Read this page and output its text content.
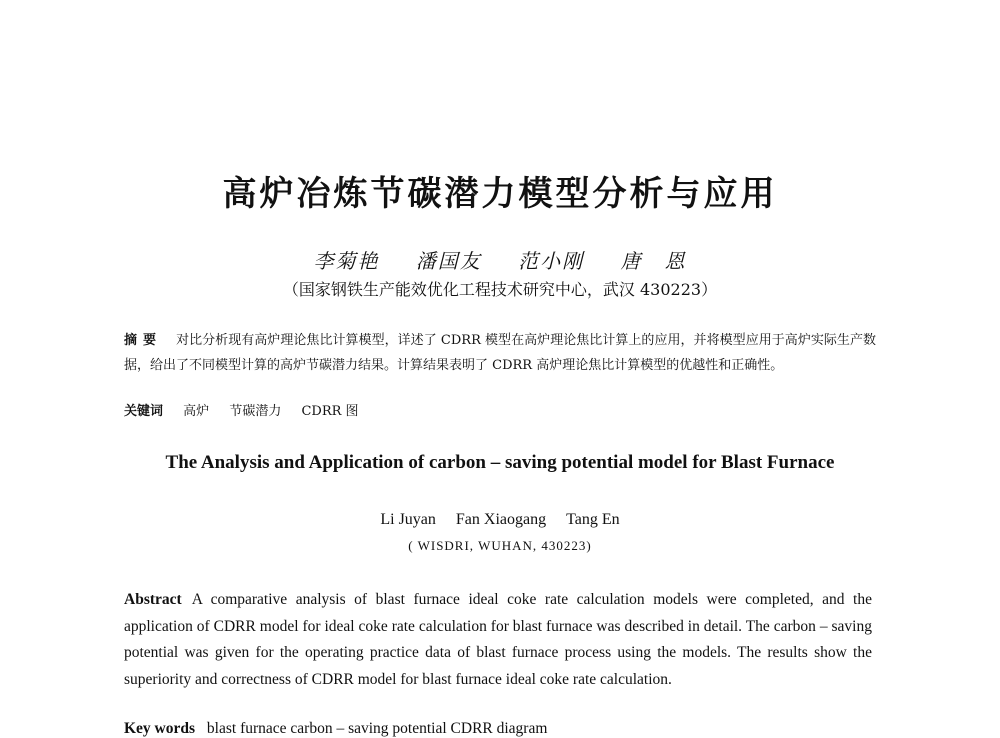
高炉冶炼节碳潜力模型分析与应用
李菊艳 潘国友 范小刚 唐　恩
（国家钢铁生产能效优化工程技术研究中心，武汉 430223）
摘要 对比分析现有高炉理论焦比计算模型，详述了 CDRR 模型在高炉理论焦比计算上的应用，并将模型应用于高炉实际生产数据，给出了不同模型计算的高炉节碳潜力结果。计算结果表明了 CDRR 高炉理论焦比计算模型的优越性和正确性。
关键词 高炉 节碳潜力 CDRR 图
The Analysis and Application of carbon – saving potential model for Blast Furnace
Li Juyan Fan Xiaogang Tang En
( WISDRI, WUHAN, 430223)
Abstract A comparative analysis of blast furnace ideal coke rate calculation models were completed, and the application of CDRR model for ideal coke rate calculation for blast furnace was described in detail. The carbon – saving potential was given for the operating practice data of blast furnace process using the models. The results show the superiority and correctness of CDRR model for blast furnace ideal coke rate calculation.
Key words blast furnace carbon – saving potential CDRR diagram
